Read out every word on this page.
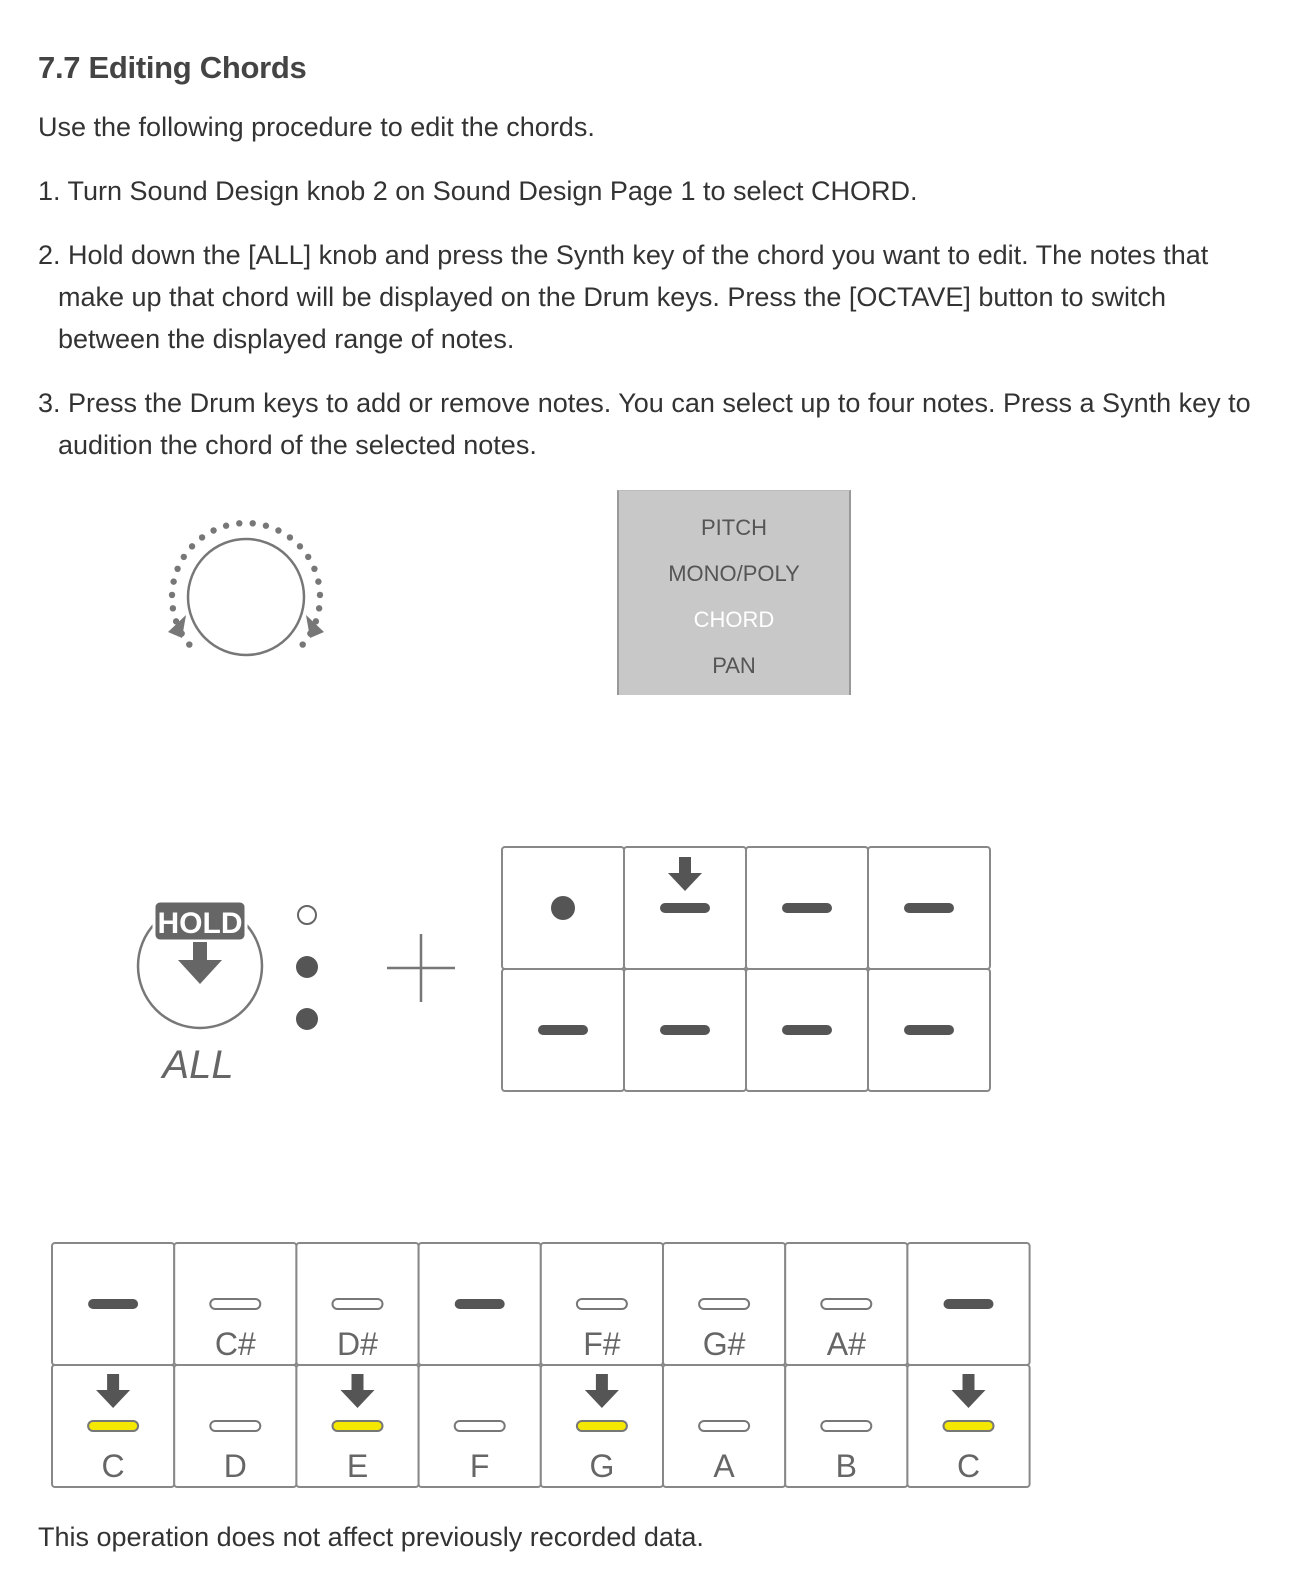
7.7 Editing Chords

Use the following procedure to edit the chords.

1. Turn Sound Design knob 2 on Sound Design Page 1 to select CHORD.

2. Hold down the [ALL] knob and press the Synth key of the chord you want to edit. The notes that make up that chord will be displayed on the Drum keys. Press the [OCTAVE] button to switch between the displayed range of notes.

3. Press the Drum keys to add or remove notes. You can select up to four notes. Press a Synth key to audition the chord of the selected notes.

PITCH
MONO/POLY
CHORD
PAN
HOLD
ALL
C#	D#	F#	G#	A#
C	D	E	F	G	A	B	C

This operation does not affect previously recorded data.
